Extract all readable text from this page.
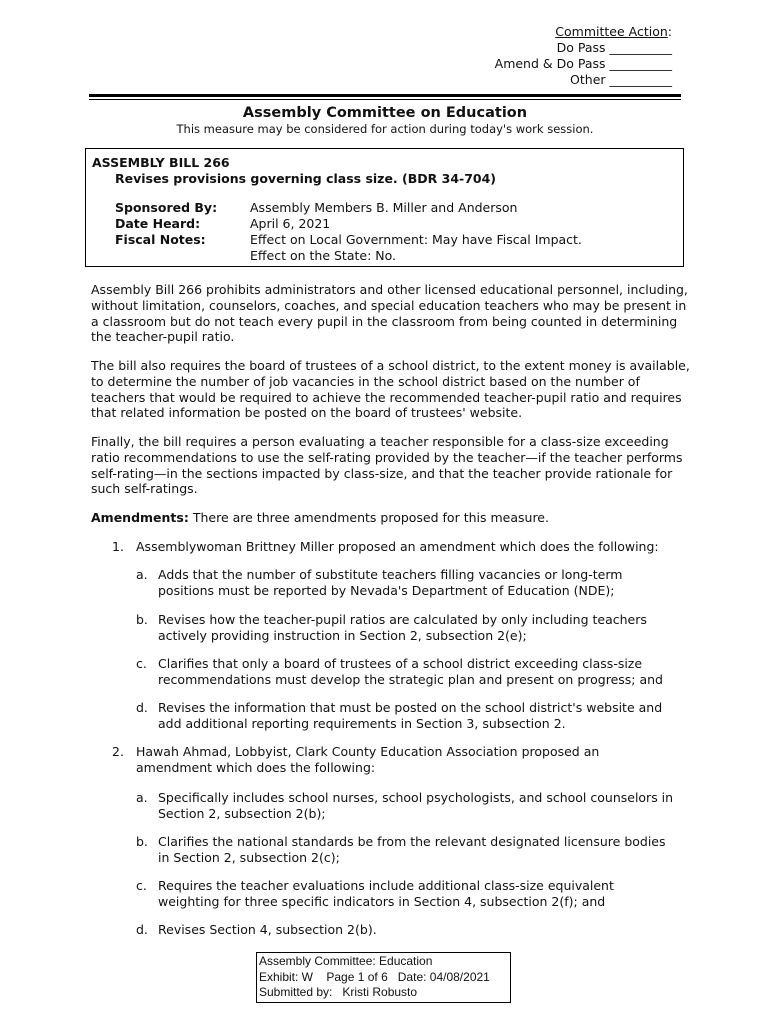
Committee Action:
Do Pass __________
Amend & Do Pass __________
Other __________
Assembly Committee on Education
This measure may be considered for action during today's work session.
ASSEMBLY BILL 266
Revises provisions governing class size. (BDR 34-704)
Sponsored By:	Assembly Members B. Miller and Anderson
Date Heard:	April 6, 2021
Fiscal Notes:	Effect on Local Government: May have Fiscal Impact.
Effect on the State: No.
Assembly Bill 266 prohibits administrators and other licensed educational personnel, including, without limitation, counselors, coaches, and special education teachers who may be present in a classroom but do not teach every pupil in the classroom from being counted in determining the teacher-pupil ratio.
The bill also requires the board of trustees of a school district, to the extent money is available, to determine the number of job vacancies in the school district based on the number of teachers that would be required to achieve the recommended teacher-pupil ratio and requires that related information be posted on the board of trustees' website.
Finally, the bill requires a person evaluating a teacher responsible for a class-size exceeding ratio recommendations to use the self-rating provided by the teacher—if the teacher performs self-rating—in the sections impacted by class-size, and that the teacher provide rationale for such self-ratings.
Amendments: There are three amendments proposed for this measure.
1. Assemblywoman Brittney Miller proposed an amendment which does the following:
a. Adds that the number of substitute teachers filling vacancies or long-term positions must be reported by Nevada's Department of Education (NDE);
b. Revises how the teacher-pupil ratios are calculated by only including teachers actively providing instruction in Section 2, subsection 2(e);
c. Clarifies that only a board of trustees of a school district exceeding class-size recommendations must develop the strategic plan and present on progress; and
d. Revises the information that must be posted on the school district's website and add additional reporting requirements in Section 3, subsection 2.
2. Hawah Ahmad, Lobbyist, Clark County Education Association proposed an amendment which does the following:
a. Specifically includes school nurses, school psychologists, and school counselors in Section 2, subsection 2(b);
b. Clarifies the national standards be from the relevant designated licensure bodies in Section 2, subsection 2(c);
c. Requires the teacher evaluations include additional class-size equivalent weighting for three specific indicators in Section 4, subsection 2(f); and
d. Revises Section 4, subsection 2(b).
Assembly Committee: Education
Exhibit: W Page 1 of 6 Date: 04/08/2021
Submitted by:   Kristi Robusto
